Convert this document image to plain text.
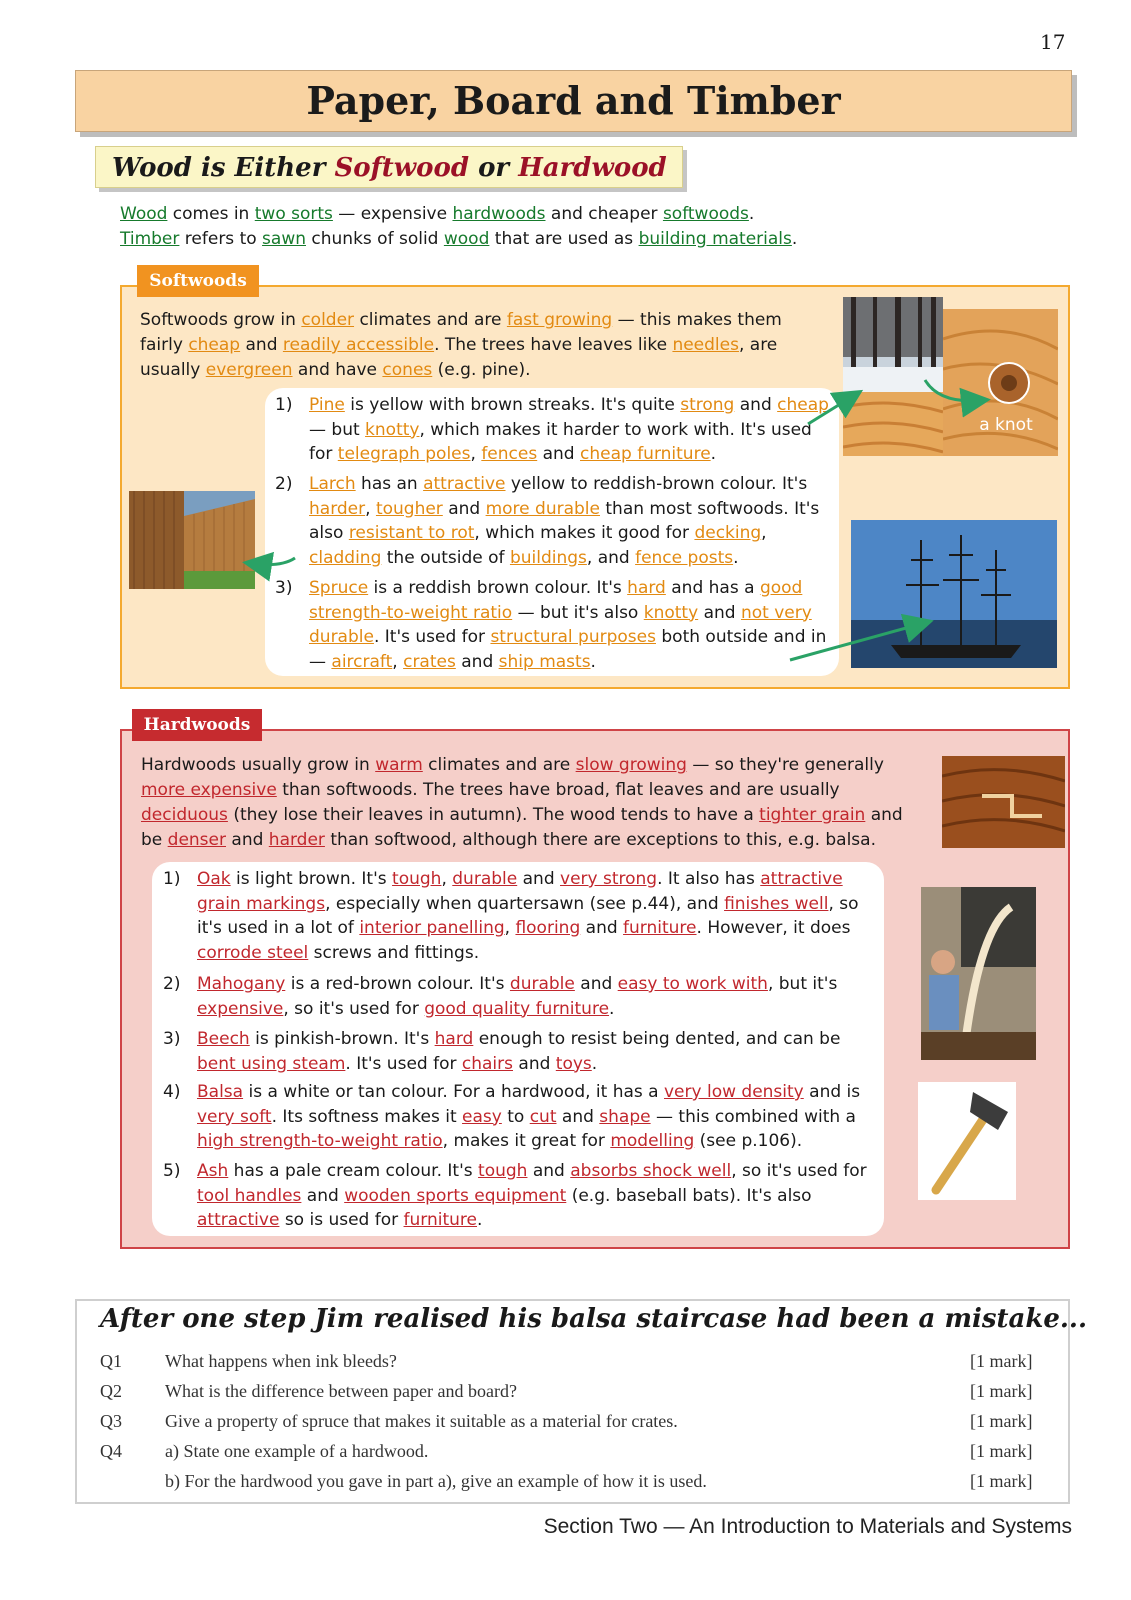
17
Paper, Board and Timber
Wood is Either Softwood or Hardwood
Wood comes in two sorts — expensive hardwoods and cheaper softwoods.
Timber refers to sawn chunks of solid wood that are used as building materials.
Softwoods
Softwoods grow in colder climates and are fast growing — this makes them fairly cheap and readily accessible. The trees have leaves like needles, are usually evergreen and have cones (e.g. pine).
1) Pine is yellow with brown streaks. It's quite strong and cheap — but knotty, which makes it harder to work with. It's used for telegraph poles, fences and cheap furniture.
2) Larch has an attractive yellow to reddish-brown colour. It's harder, tougher and more durable than most softwoods. It's also resistant to rot, which makes it good for decking, cladding the outside of buildings, and fence posts.
3) Spruce is a reddish brown colour. It's hard and has a good strength-to-weight ratio — but it's also knotty and not very durable. It's used for structural purposes both outside and in — aircraft, crates and ship masts.
a knot
Hardwoods
Hardwoods usually grow in warm climates and are slow growing — so they're generally more expensive than softwoods. The trees have broad, flat leaves and are usually deciduous (they lose their leaves in autumn). The wood tends to have a tighter grain and be denser and harder than softwood, although there are exceptions to this, e.g. balsa.
1) Oak is light brown. It's tough, durable and very strong. It also has attractive grain markings, especially when quartersawn (see p.44), and finishes well, so it's used in a lot of interior panelling, flooring and furniture. However, it does corrode steel screws and fittings.
2) Mahogany is a red-brown colour. It's durable and easy to work with, but it's expensive, so it's used for good quality furniture.
3) Beech is pinkish-brown. It's hard enough to resist being dented, and can be bent using steam. It's used for chairs and toys.
4) Balsa is a white or tan colour. For a hardwood, it has a very low density and is very soft. Its softness makes it easy to cut and shape — this combined with a high strength-to-weight ratio, makes it great for modelling (see p.106).
5) Ash has a pale cream colour. It's tough and absorbs shock well, so it's used for tool handles and wooden sports equipment (e.g. baseball bats). It's also attractive so is used for furniture.
After one step Jim realised his balsa staircase had been a mistake...
Q1 What happens when ink bleeds?	[1 mark]
Q2 What is the difference between paper and board?	[1 mark]
Q3 Give a property of spruce that makes it suitable as a material for crates.	[1 mark]
Q4 a) State one example of a hardwood.	[1 mark]
b) For the hardwood you gave in part a), give an example of how it is used.	[1 mark]
Section Two — An Introduction to Materials and Systems
